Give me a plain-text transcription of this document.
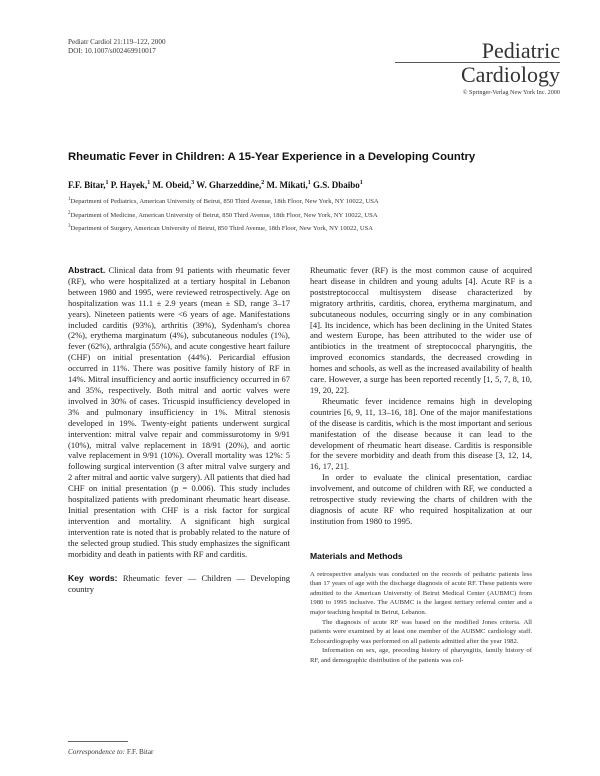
Pediatr Cardiol 21:119–122, 2000
DOI: 10.1007/s002469910017	Pediatric
Cardiology
© Springer-Verlag New York Inc. 2000
Rheumatic Fever in Children: A 15-Year Experience in a Developing Country
F.F. Bitar,$^1$ P. Hayek,$^1$ M. Obeid,$^3$ W. Gharzeddine,$^2$ M. Mikati,$^1$ G.S. Dbaibo$^1$
$^1$Department of Pediatrics, American University of Beirut, 850 Third Avenue, 18th Floor, New York, NY 10022, USA
$^2$Department of Medicine, American University of Beirut, 850 Third Avenue, 18th Floor, New York, NY 10022, USA
$^3$Department of Surgery, American University of Beirut, 850 Third Avenue, 18th Floor, New York, NY 10022, USA

Abstract. Clinical data from 91 patients with rheumatic fever (RF), who were hospitalized at a tertiary hospital in Lebanon between 1980 and 1995, were reviewed retrospectively. Age on hospitalization was 11.1 ± 2.9 years (mean ± SD, range 3–17 years). Nineteen patients were <6 years of age. Manifestations included carditis (93%), arthritis (39%), Sydenham's chorea (2%), erythema marginatum (4%), subcutaneous nodules (1%), fever (62%), arthralgia (55%), and acute congestive heart failure (CHF) on initial presentation (44%). Pericardial effusion occurred in 11%. There was positive family history of RF in 14%. Mitral insufficiency and aortic insufficiency occurred in 67 and 35%, respectively. Both mitral and aortic valves were involved in 30% of cases. Tricuspid insufficiency developed in 3% and pulmonary insufficiency in 1%. Mitral stenosis developed in 19%. Twenty-eight patients underwent surgical intervention: mitral valve repair and commissurotomy in 9/91 (10%), mitral valve replacement in 18/91 (20%), and aortic valve replacement in 9/91 (10%). Overall mortality was 12%: 5 following surgical intervention (3 after mitral valve surgery and 2 after mitral and aortic valve surgery). All patients that died had CHF on initial presentation (p = 0.006). This study includes hospitalized patients with predominant rheumatic heart disease. Initial presentation with CHF is a risk factor for surgical intervention and mortality. A significant high surgical intervention rate is noted that is probably related to the nature of the selected group studied. This study emphasizes the significant morbidity and death in patients with RF and carditis.

Key words: Rheumatic fever — Children — Developing country

Correspondence to: F.F. Bitar

Rheumatic fever (RF) is the most common cause of acquired heart disease in children and young adults [4]. Acute RF is a poststreptococcal multisystem disease characterized by migratory arthritis, carditis, chorea, erythema marginatum, and subcutaneous nodules, occurring singly or in any combination [4]. Its incidence, which has been declining in the United States and western Europe, has been attributed to the wider use of antibiotics in the treatment of streptococcal pharyngitis, the improved economics standards, the decreased crowding in homes and schools, as well as the increased availability of health care. However, a surge has been reported recently [1, 5, 7, 8, 10, 19, 20, 22].

Rheumatic fever incidence remains high in developing countries [6, 9, 11, 13–16, 18]. One of the major manifestations of the disease is carditis, which is the most important and serious manifestation of the disease because it can lead to the development of rheumatic heart disease. Carditis is responsible for the severe morbidity and death from this disease [3, 12, 14, 16, 17, 21].

In order to evaluate the clinical presentation, cardiac involvement, and outcome of children with RF, we conducted a retrospective study reviewing the charts of children with the diagnosis of acute RF who required hospitalization at our institution from 1980 to 1995.

Materials and Methods

A retrospective analysis was conducted on the records of pediatric patients less than 17 years of age with the discharge diagnosis of acute RF. These patients were admitted to the American University of Beirut Medical Center (AUBMC) from 1980 to 1995 inclusive. The AUBMC is the largest tertiary referral center and a major teaching hospital in Beirut, Lebanon.

The diagnosis of acute RF was based on the modified Jones criteria. All patients were examined by at least one member of the AUBMC cardiology staff. Echocardiography was performed on all patients admitted after the year 1982.

Information on sex, age, preceding history of pharyngitis, family history of RF, and demographic distribution of the patients was col-
